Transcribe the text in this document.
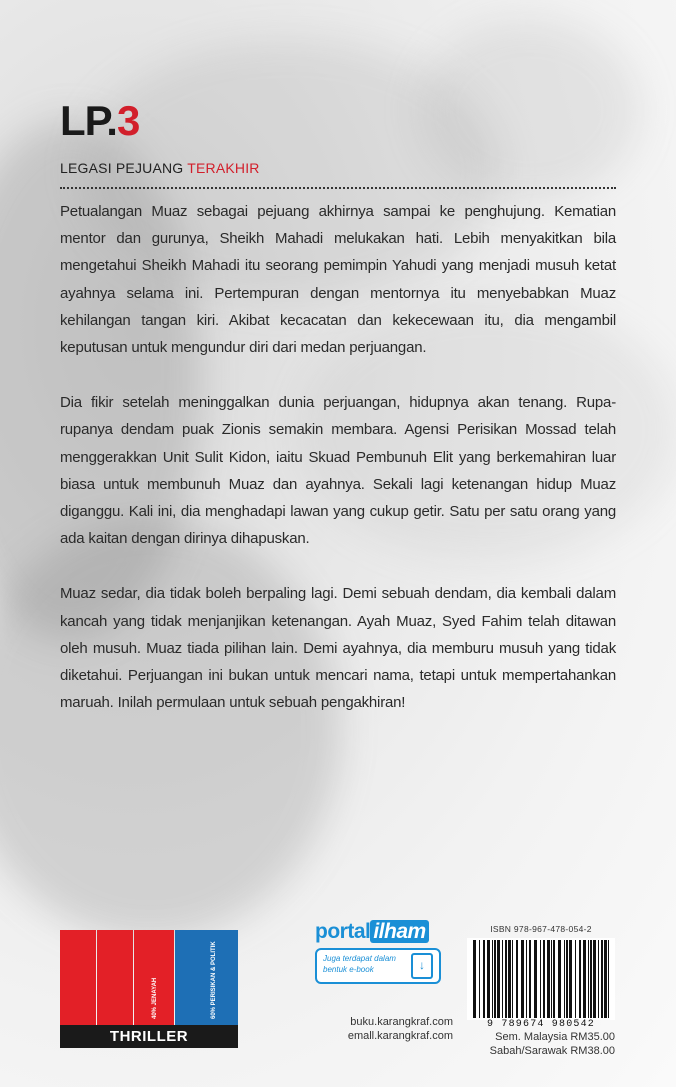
LP.3
LEGASI PEJUANG TERAKHIR

Petualangan Muaz sebagai pejuang akhirnya sampai ke penghujung. Kematian mentor dan gurunya, Sheikh Mahadi melukakan hati. Lebih menyakitkan bila mengetahui Sheikh Mahadi itu seorang pemimpin Yahudi yang menjadi musuh ketat ayahnya selama ini. Pertempuran dengan mentornya itu menyebabkan Muaz kehilangan tangan kiri. Akibat kecacatan dan kekecewaan itu, dia mengambil keputusan untuk mengundur diri dari medan perjuangan.

Dia fikir setelah meninggalkan dunia perjuangan, hidupnya akan tenang. Rupa-rupanya dendam puak Zionis semakin membara. Agensi Perisikan Mossad telah menggerakkan Unit Sulit Kidon, iaitu Skuad Pembunuh Elit yang berkemahiran luar biasa untuk membunuh Muaz dan ayahnya. Sekali lagi ketenangan hidup Muaz diganggu. Kali ini, dia menghadapi lawan yang cukup getir. Satu per satu orang yang ada kaitan dengan dirinya dihapuskan.

Muaz sedar, dia tidak boleh berpaling lagi. Demi sebuah dendam, dia kembali dalam kancah yang tidak menjanjikan ketenangan. Ayah Muaz, Syed Fahim telah ditawan oleh musuh. Muaz tiada pilihan lain. Demi ayahnya, dia memburu musuh yang tidak diketahui. Perjuangan ini bukan untuk mencari nama, tetapi untuk mempertahankan maruah. Inilah permulaan untuk sebuah pengakhiran!

40% JENAYAH	60% PERISIKAN & POLITIK
THRILLER
portal ilham
Juga terdapat dalam bentuk e-book	↓
buku.karangkraf.com
emall.karangkraf.com
ISBN 978-967-478-054-2
9 789674 980542
Sem. Malaysia RM35.00
Sabah/Sarawak RM38.00
